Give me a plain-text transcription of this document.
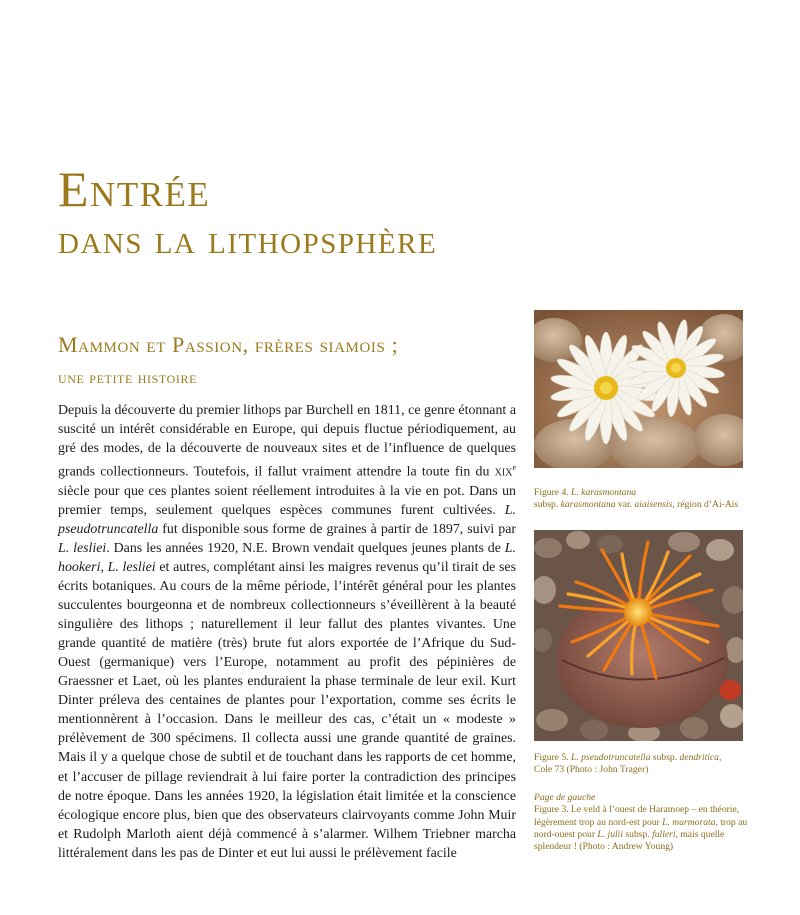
Entrée
dans la lithopsphère
Mammon et Passion, frères siamois ;
une petite histoire

Depuis la découverte du premier lithops par Burchell en 1811, ce genre étonnant a suscité un intérêt considérable en Europe, qui depuis fluctue périodiquement, au gré des modes, de la découverte de nouveaux sites et de l’influence de quelques grands collectionneurs. Toutefois, il fallut vraiment attendre la toute fin du xix$^e$ siècle pour que ces plantes soient réellement introduites à la vie en pot. Dans un premier temps, seulement quelques espèces communes furent cultivées. L. pseudotruncatella fut disponible sous forme de graines à partir de 1897, suivi par L. lesliei. Dans les années 1920, N.E. Brown vendait quelques jeunes plants de L. hookeri, L. lesliei et autres, complétant ainsi les maigres revenus qu’il tirait de ses écrits botaniques. Au cours de la même période, l’intérêt général pour les plantes succulentes bourgeonna et de nombreux collectionneurs s’éveillèrent à la beauté singulière des lithops ; naturellement il leur fallut des plantes vivantes. Une grande quantité de matière (très) brute fut alors exportée de l’Afrique du Sud-Ouest (germanique) vers l’Europe, notamment au profit des pépinières de Graessner et Laet, où les plantes enduraient la phase terminale de leur exil. Kurt Dinter préleva des centaines de plantes pour l’exportation, comme ses écrits le mentionnèrent à l’occasion. Dans le meilleur des cas, c’était un « modeste » prélèvement de 300 spécimens. Il collecta aussi une grande quantité de graines. Mais il y a quelque chose de subtil et de touchant dans les rapports de cet homme, et l’accuser de pillage reviendrait à lui faire porter la contradiction des principes de notre époque. Dans les années 1920, la législation était limitée et la conscience écologique encore plus, bien que des observateurs clairvoyants comme John Muir et Rudolph Marloth aient déjà commencé à s’alarmer. Wilhem Triebner marcha littéralement dans les pas de Dinter et eut lui aussi le prélèvement facile

Figure 4. L. karasmontana
subsp. karasmontana var. aiaisensis, région d’Ai-Ais
Figure 5. L. pseudotruncatella subsp. dendritica,
Cole 73 (Photo : John Trager)
Page de gauche
Figure 3. Le veld à l’ouest de Haramoep – en théorie, légèrement trop au nord-est pour L. marmorata, trop au nord-ouest pour L. julii subsp. fulleri, mais quelle splendeur ! (Photo : Andrew Young)
